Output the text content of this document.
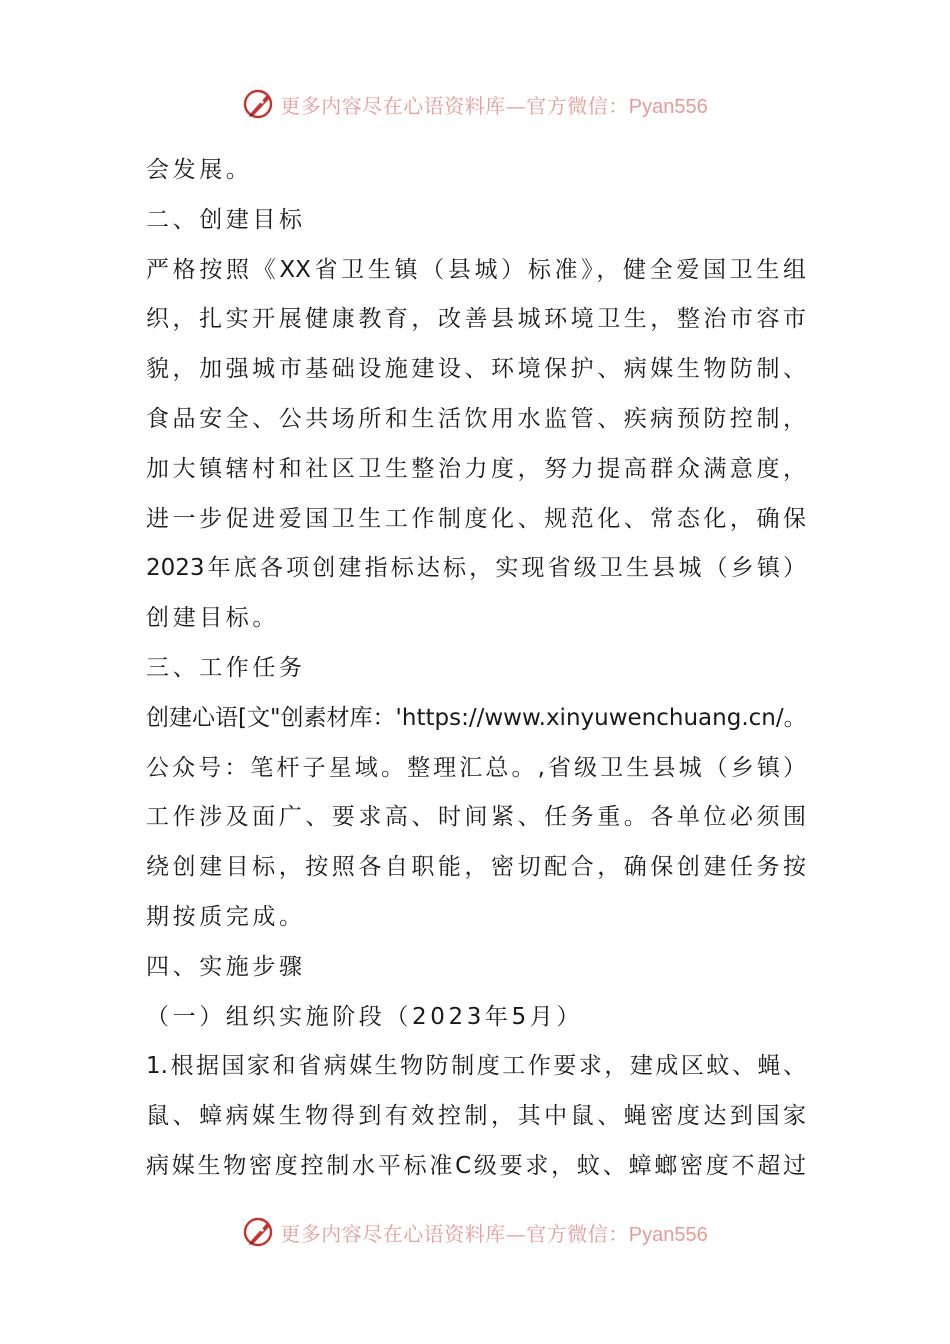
更多内容尽在心语资料库—官方微信：Pyan556
会发展。
二、创建目标
严格按照《XX省卫生镇（县城）标准》，健全爱国卫生组
织，扎实开展健康教育，改善县城环境卫生，整治市容市
貌，加强城市基础设施建设、环境保护、病媒生物防制、
食品安全、公共场所和生活饮用水监管、疾病预防控制，
加大镇辖村和社区卫生整治力度，努力提高群众满意度，
进一步促进爱国卫生工作制度化、规范化、常态化，确保
2023年底各项创建指标达标，实现省级卫生县城（乡镇）
创建目标。
三、工作任务
创建心语[文"创素材库：'https://www.xinyuwenchuang.cn/。
公众号：笔杆子星域。整理汇总。,省级卫生县城（乡镇）
工作涉及面广、要求高、时间紧、任务重。各单位必须围
绕创建目标，按照各自职能，密切配合，确保创建任务按
期按质完成。
四、实施步骤
（一）组织实施阶段（2023年5月）
1.根据国家和省病媒生物防制度工作要求，建成区蚊、蝇、
鼠、蟑病媒生物得到有效控制，其中鼠、蝇密度达到国家
病媒生物密度控制水平标准C级要求，蚊、蟑螂密度不超过
更多内容尽在心语资料库—官方微信：Pyan556
